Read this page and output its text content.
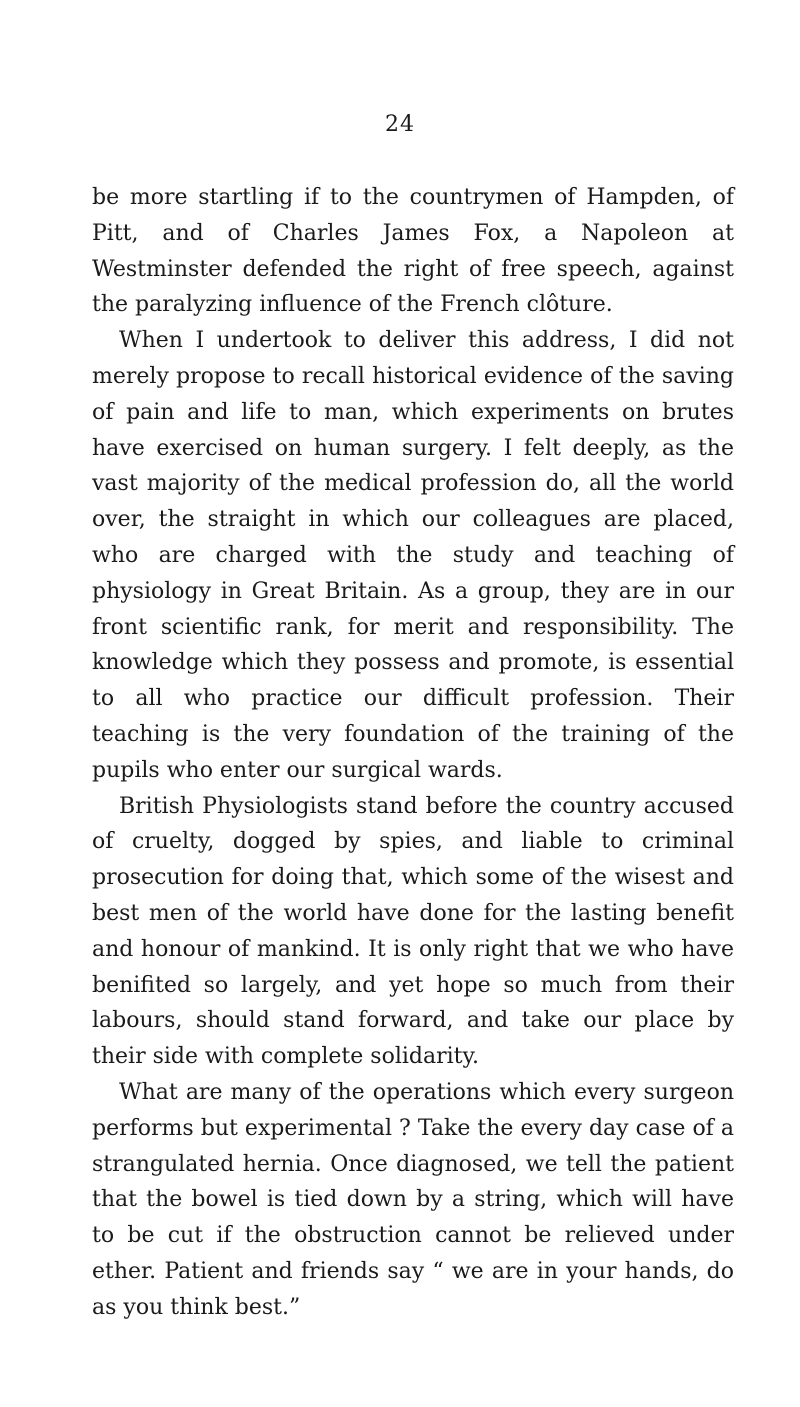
24

be more startling if to the countrymen of Hampden, of Pitt, and of Charles James Fox, a Napoleon at Westminster defended the right of free speech, against the paralyzing influence of the French clôture.

When I undertook to deliver this address, I did not merely propose to recall historical evidence of the saving of pain and life to man, which experiments on brutes have exercised on human surgery. I felt deeply, as the vast majority of the medical profession do, all the world over, the straight in which our colleagues are placed, who are charged with the study and teaching of physiology in Great Britain. As a group, they are in our front scientific rank, for merit and responsibility. The knowledge which they possess and promote, is essential to all who practice our difficult profession. Their teaching is the very foundation of the training of the pupils who enter our surgical wards.

British Physiologists stand before the country accused of cruelty, dogged by spies, and liable to criminal prosecution for doing that, which some of the wisest and best men of the world have done for the lasting benefit and honour of mankind. It is only right that we who have benifited so largely, and yet hope so much from their labours, should stand forward, and take our place by their side with complete solidarity.

What are many of the operations which every surgeon performs but experimental ? Take the every day case of a strangulated hernia. Once diagnosed, we tell the patient that the bowel is tied down by a string, which will have to be cut if the obstruction cannot be relieved under ether. Patient and friends say “ we are in your hands, do as you think best.”
